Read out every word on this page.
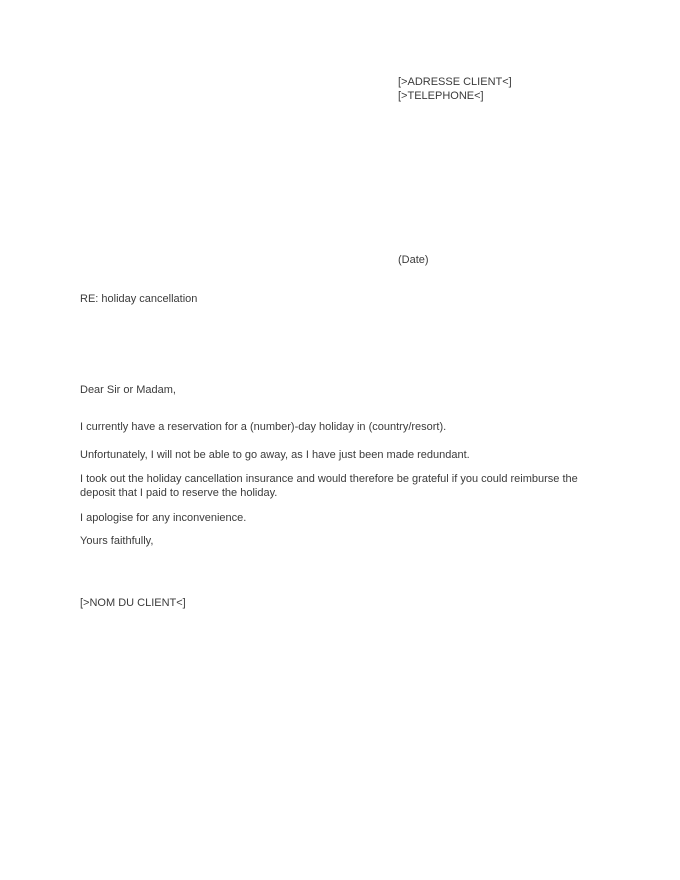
[>ADRESSE CLIENT<]
[>TELEPHONE<]
(Date)
RE: holiday cancellation
Dear Sir or Madam,
I currently have a reservation for a (number)-day holiday in (country/resort).
Unfortunately, I will not be able to go away, as I have just been made redundant.
I took out the holiday cancellation insurance and would therefore be grateful if you could reimburse the deposit that I paid to reserve the holiday.
I apologise for any inconvenience.
Yours faithfully,
[>NOM DU CLIENT<]
